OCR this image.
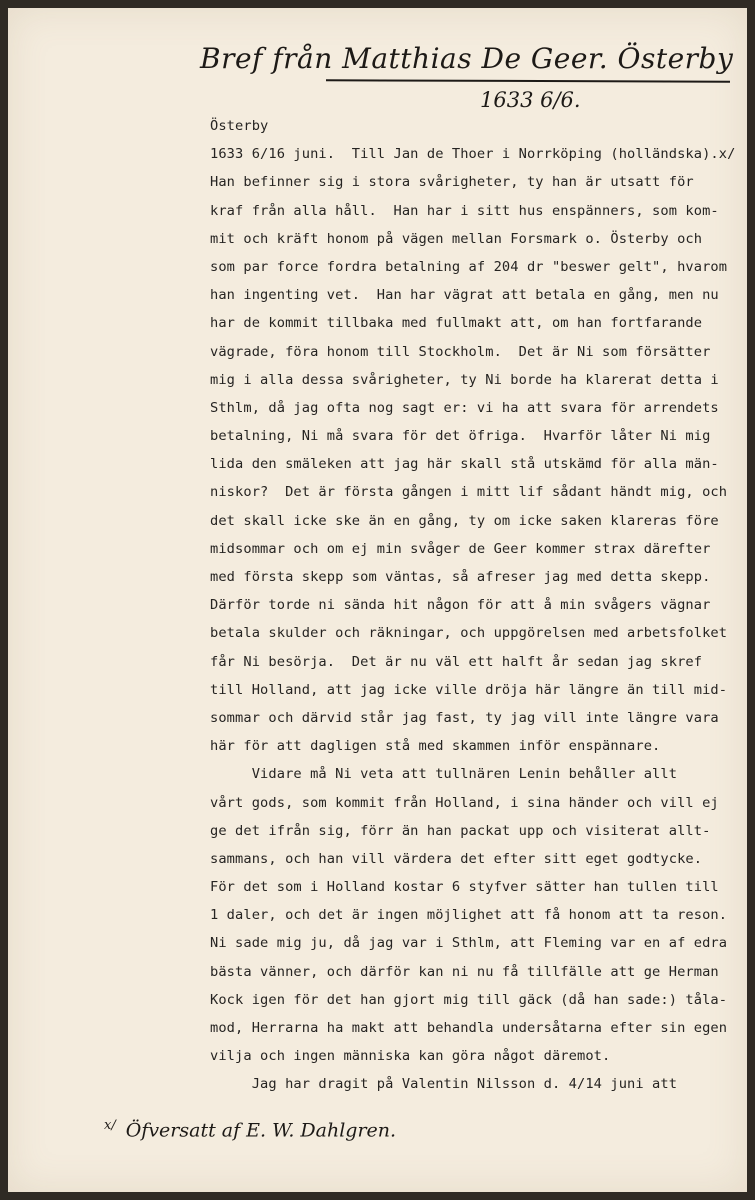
Bref från Matthias De Geer. Österby
1633 6/6.
Österby
1633 6/16 juni.  Till Jan de Thoer i Norrköping (holländska).x/
Han befinner sig i stora svårigheter, ty han är utsatt för
kraf från alla håll.  Han har i sitt hus enspänners, som kom-
mit och kräft honom på vägen mellan Forsmark o. Österby och
som par force fordra betalning af 204 dr "beswer gelt", hvarom
han ingenting vet.  Han har vägrat att betala en gång, men nu
har de kommit tillbaka med fullmakt att, om han fortfarande
vägrade, föra honom till Stockholm.  Det är Ni som försätter
mig i alla dessa svårigheter, ty Ni borde ha klarerat detta i
Sthlm, då jag ofta nog sagt er: vi ha att svara för arrendets
betalning, Ni må svara för det öfriga.  Hvarför låter Ni mig
lida den smäleken att jag här skall stå utskämd för alla män-
niskor?  Det är första gången i mitt lif sådant händt mig, och
det skall icke ske än en gång, ty om icke saken klareras före
midsommar och om ej min svåger de Geer kommer strax därefter
med första skepp som väntas, så afreser jag med detta skepp.
Därför torde ni sända hit någon för att å min svågers vägnar
betala skulder och räkningar, och uppgörelsen med arbetsfolket
får Ni besörja.  Det är nu väl ett halft år sedan jag skref
till Holland, att jag icke ville dröja här längre än till mid-
sommar och därvid står jag fast, ty jag vill inte längre vara
här för att dagligen stå med skammen inför enspännare.
Vidare må Ni veta att tullnären Lenin behåller allt
vårt gods, som kommit från Holland, i sina händer och vill ej
ge det ifrån sig, förr än han packat upp och visiterat allt-
sammans, och han vill värdera det efter sitt eget godtycke.
För det som i Holland kostar 6 styfver sätter han tullen till
1 daler, och det är ingen möjlighet att få honom att ta reson.
Ni sade mig ju, då jag var i Sthlm, att Fleming var en af edra
bästa vänner, och därför kan ni nu få tillfälle att ge Herman
Kock igen för det han gjort mig till gäck (då han sade:) tåla-
mod, Herrarna ha makt att behandla undersåtarna efter sin egen
vilja och ingen människa kan göra något däremot.
Jag har dragit på Valentin Nilsson d. 4/14 juni att
$^{x/}$ Öfversatt af E. W. Dahlgren.
